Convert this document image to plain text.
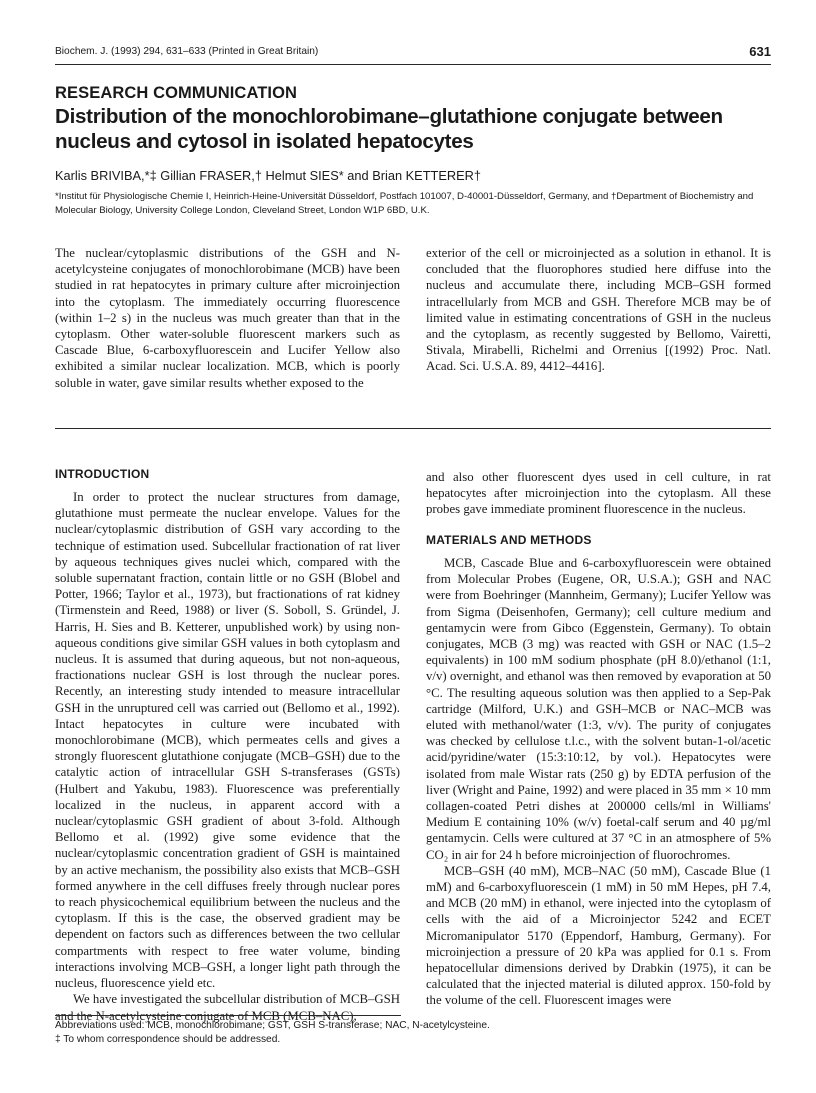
Biochem. J. (1993) 294, 631–633 (Printed in Great Britain)	631
RESEARCH COMMUNICATION
Distribution of the monochlorobimane–glutathione conjugate between nucleus and cytosol in isolated hepatocytes
Karlis BRIVIBA,*‡ Gillian FRASER,† Helmut SIES* and Brian KETTERER†
*Institut für Physiologische Chemie I, Heinrich-Heine-Universität Düsseldorf, Postfach 101007, D-40001-Düsseldorf, Germany, and †Department of Biochemistry and Molecular Biology, University College London, Cleveland Street, London W1P 6BD, U.K.

The nuclear/cytoplasmic distributions of the GSH and N-acetylcysteine conjugates of monochlorobimane (MCB) have been studied in rat hepatocytes in primary culture after microinjection into the cytoplasm. The immediately occurring fluorescence (within 1–2 s) in the nucleus was much greater than that in the cytoplasm. Other water-soluble fluorescent markers such as Cascade Blue, 6-carboxyfluorescein and Lucifer Yellow also exhibited a similar nuclear localization. MCB, which is poorly soluble in water, gave similar results whether exposed to the

exterior of the cell or microinjected as a solution in ethanol. It is concluded that the fluorophores studied here diffuse into the nucleus and accumulate there, including MCB–GSH formed intracellularly from MCB and GSH. Therefore MCB may be of limited value in estimating concentrations of GSH in the nucleus and the cytoplasm, as recently suggested by Bellomo, Vairetti, Stivala, Mirabelli, Richelmi and Orrenius [(1992) Proc. Natl. Acad. Sci. U.S.A. 89, 4412–4416].

INTRODUCTION

In order to protect the nuclear structures from damage, glutathione must permeate the nuclear envelope. Values for the nuclear/cytoplasmic distribution of GSH vary according to the technique of estimation used. Subcellular fractionation of rat liver by aqueous techniques gives nuclei which, compared with the soluble supernatant fraction, contain little or no GSH (Blobel and Potter, 1966; Taylor et al., 1973), but fractionations of rat kidney (Tirmenstein and Reed, 1988) or liver (S. Soboll, S. Gründel, J. Harris, H. Sies and B. Ketterer, unpublished work) by using non-aqueous conditions give similar GSH values in both cytoplasm and nucleus. It is assumed that during aqueous, but not non-aqueous, fractionations nuclear GSH is lost through the nuclear pores. Recently, an interesting study intended to measure intracellular GSH in the unruptured cell was carried out (Bellomo et al., 1992). Intact hepatocytes in culture were incubated with monochlorobimane (MCB), which permeates cells and gives a strongly fluorescent glutathione conjugate (MCB–GSH) due to the catalytic action of intracellular GSH S-transferases (GSTs) (Hulbert and Yakubu, 1983). Fluorescence was preferentially localized in the nucleus, in apparent accord with a nuclear/cytoplasmic GSH gradient of about 3-fold. Although Bellomo et al. (1992) give some evidence that the nuclear/cytoplasmic concentration gradient of GSH is maintained by an active mechanism, the possibility also exists that MCB–GSH formed anywhere in the cell diffuses freely through nuclear pores to reach physicochemical equilibrium between the nucleus and the cytoplasm. If this is the case, the observed gradient may be dependent on factors such as differences between the two cellular compartments with respect to free water volume, binding interactions involving MCB–GSH, a longer light path through the nucleus, fluorescence yield etc.

We have investigated the subcellular distribution of MCB–GSH and the N-acetylcysteine conjugate of MCB (MCB–NAC),

and also other fluorescent dyes used in cell culture, in rat hepatocytes after microinjection into the cytoplasm. All these probes gave immediate prominent fluorescence in the nucleus.

MATERIALS AND METHODS

MCB, Cascade Blue and 6-carboxyfluorescein were obtained from Molecular Probes (Eugene, OR, U.S.A.); GSH and NAC were from Boehringer (Mannheim, Germany); Lucifer Yellow was from Sigma (Deisenhofen, Germany); cell culture medium and gentamycin were from Gibco (Eggenstein, Germany). To obtain conjugates, MCB (3 mg) was reacted with GSH or NAC (1.5–2 equivalents) in 100 mM sodium phosphate (pH 8.0)/ethanol (1:1, v/v) overnight, and ethanol was then removed by evaporation at 50 °C. The resulting aqueous solution was then applied to a Sep-Pak cartridge (Milford, U.K.) and GSH–MCB or NAC–MCB was eluted with methanol/water (1:3, v/v). The purity of conjugates was checked by cellulose t.l.c., with the solvent butan-1-ol/acetic acid/pyridine/water (15:3:10:12, by vol.). Hepatocytes were isolated from male Wistar rats (250 g) by EDTA perfusion of the liver (Wright and Paine, 1992) and were placed in 35 mm × 10 mm collagen-coated Petri dishes at 200000 cells/ml in Williams' Medium E containing 10% (w/v) foetal-calf serum and 40 µg/ml gentamycin. Cells were cultured at 37 °C in an atmosphere of 5% CO₂ in air for 24 h before microinjection of fluorochromes.

MCB–GSH (40 mM), MCB–NAC (50 mM), Cascade Blue (1 mM) and 6-carboxyfluorescein (1 mM) in 50 mM Hepes, pH 7.4, and MCB (20 mM) in ethanol, were injected into the cytoplasm of cells with the aid of a Microinjector 5242 and ECET Micromanipulator 5170 (Eppendorf, Hamburg, Germany). For microinjection a pressure of 20 kPa was applied for 0.1 s. From hepatocellular dimensions derived by Drabkin (1975), it can be calculated that the injected material is diluted approx. 150-fold by the volume of the cell. Fluorescent images were

Abbreviations used: MCB, monochlorobimane; GST, GSH S-transferase; NAC, N-acetylcysteine.
‡ To whom correspondence should be addressed.
